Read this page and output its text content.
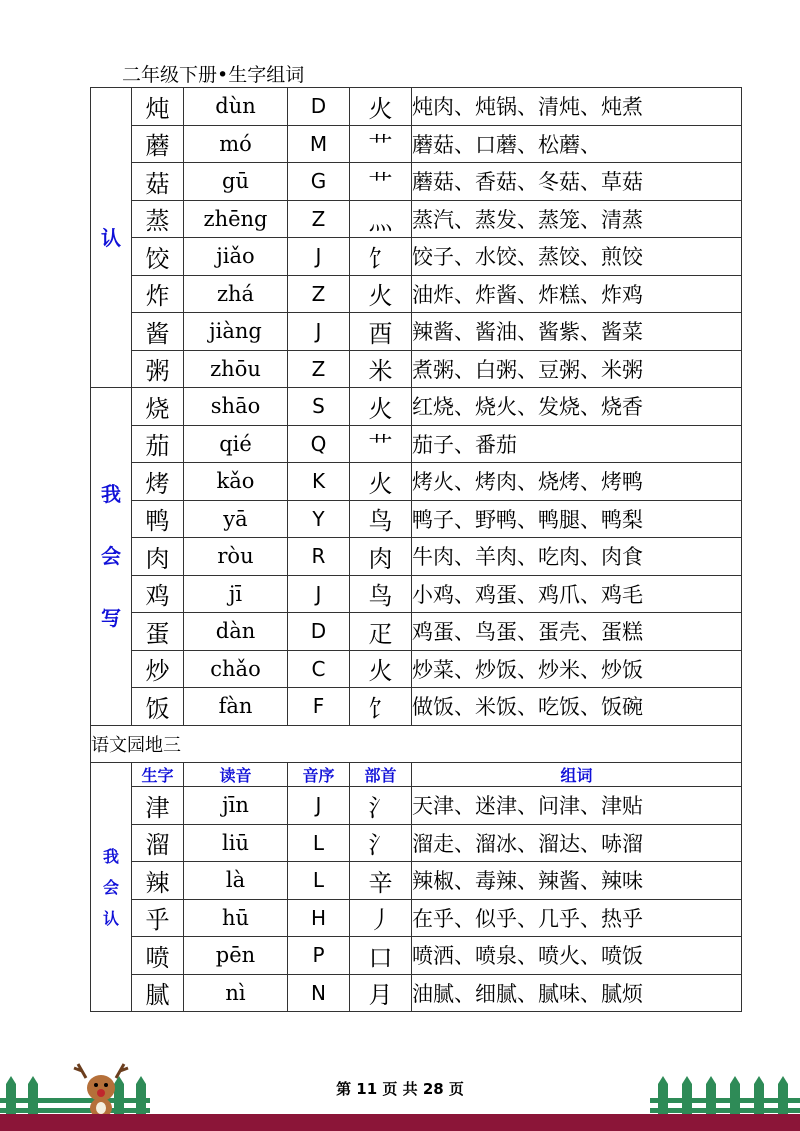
二年级下册•生字组词
认	炖	dùn	D	火	炖肉、炖锅、清炖、炖煮
	蘑	mó	M	艹	蘑菇、口蘑、松蘑、
	菇	gū	G	艹	蘑菇、香菇、冬菇、草菇
	蒸	zhēng	Z	灬	蒸汽、蒸发、蒸笼、清蒸
	饺	jiǎo	J	饣	饺子、水饺、蒸饺、煎饺
	炸	zhá	Z	火	油炸、炸酱、炸糕、炸鸡
	酱	jiàng	J	酉	辣酱、酱油、酱紫、酱菜
	粥	zhōu	Z	米	煮粥、白粥、豆粥、米粥
我会写	烧	shāo	S	火	红烧、烧火、发烧、烧香
	茄	qié	Q	艹	茄子、番茄
	烤	kǎo	K	火	烤火、烤肉、烧烤、烤鸭
	鸭	yā	Y	鸟	鸭子、野鸭、鸭腿、鸭梨
	肉	ròu	R	肉	牛肉、羊肉、吃肉、肉食
	鸡	jī	J	鸟	小鸡、鸡蛋、鸡爪、鸡毛
	蛋	dàn	D	疋	鸡蛋、鸟蛋、蛋壳、蛋糕
	炒	chǎo	C	火	炒菜、炒饭、炒米、炒饭
	饭	fàn	F	饣	做饭、米饭、吃饭、饭碗
语文园地三					
我会认	生字	读音	音序	部首	组词
	津	jīn	J	氵	天津、迷津、问津、津贴
	溜	liū	L	氵	溜走、溜冰、溜达、哧溜
	辣	là	L	辛	辣椒、毒辣、辣酱、辣味
	乎	hū	H	丿	在乎、似乎、几乎、热乎
	喷	pēn	P	口	喷洒、喷泉、喷火、喷饭
	腻	nì	N	月	油腻、细腻、腻味、腻烦
第 11 页 共 28 页
